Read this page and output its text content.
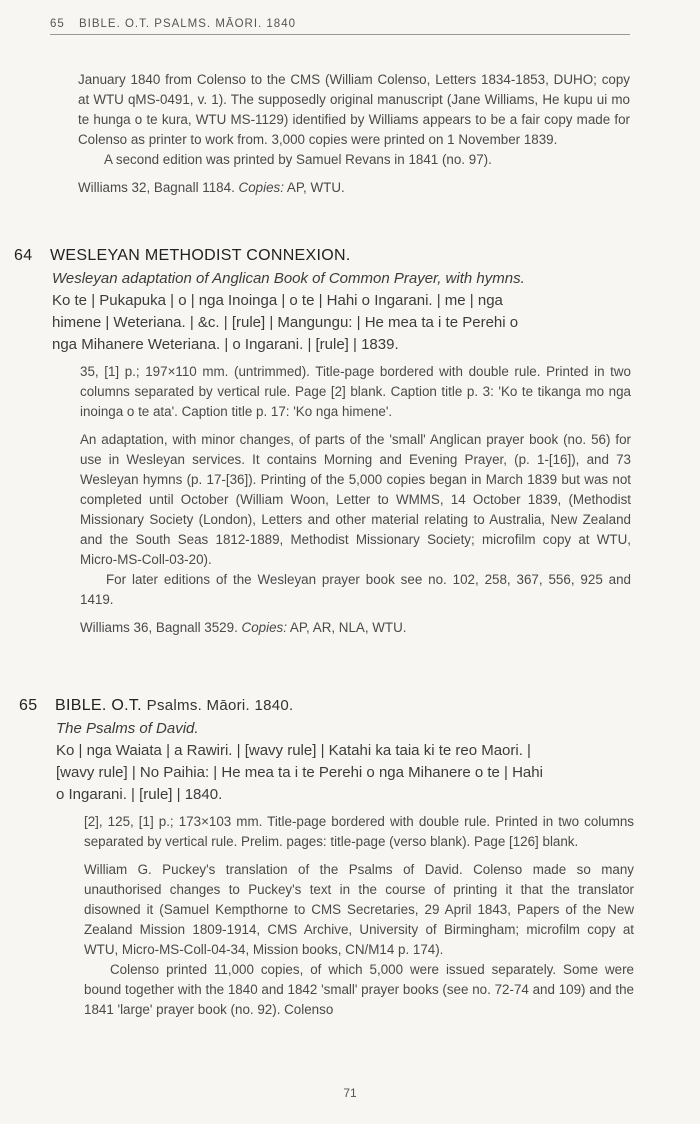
65 BIBLE. O.T. PSALMS. MĀORI. 1840

January 1840 from Colenso to the CMS (William Colenso, Letters 1834-1853, DUHO; copy at WTU qMS-0491, v. 1). The supposedly original manuscript (Jane Williams, He kupu ui mo te hunga o te kura, WTU MS-1129) identified by Williams appears to be a fair copy made for Colenso as printer to work from. 3,000 copies were printed on 1 November 1839.

A second edition was printed by Samuel Revans in 1841 (no. 97).

Williams 32, Bagnall 1184. Copies: AP, WTU.

64 WESLEYAN METHODIST CONNEXION.

Wesleyan adaptation of Anglican Book of Common Prayer, with hymns.

Ko te | Pukapuka | o | nga Inoinga | o te | Hahi o Ingarani. | me | nga

himene | Weteriana. | &c. | [rule] | Mangungu: | He mea ta i te Perehi o

nga Mihanere Weteriana. | o Ingarani. | [rule] | 1839.

35, [1] p.; 197×110 mm. (untrimmed). Title-page bordered with double rule. Printed in two columns separated by vertical rule. Page [2] blank. Caption title p. 3: 'Ko te tikanga mo nga inoinga o te ata'. Caption title p. 17: 'Ko nga himene'.

An adaptation, with minor changes, of parts of the 'small' Anglican prayer book (no. 56) for use in Wesleyan services. It contains Morning and Evening Prayer, (p. 1-[16]), and 73 Wesleyan hymns (p. 17-[36]). Printing of the 5,000 copies began in March 1839 but was not completed until October (William Woon, Letter to WMMS, 14 October 1839, (Methodist Missionary Society (London), Letters and other material relating to Australia, New Zealand and the South Seas 1812-1889, Methodist Missionary Society; microfilm copy at WTU, Micro-MS-Coll-03-20).

For later editions of the Wesleyan prayer book see no. 102, 258, 367, 556, 925 and 1419.

Williams 36, Bagnall 3529. Copies: AP, AR, NLA, WTU.

65 BIBLE. O.T. Psalms. Māori. 1840.

The Psalms of David.

Ko | nga Waiata | a Rawiri. | [wavy rule] | Katahi ka taia ki te reo Maori. |

[wavy rule] | No Paihia: | He mea ta i te Perehi o nga Mihanere o te | Hahi

o Ingarani. | [rule] | 1840.

[2], 125, [1] p.; 173×103 mm. Title-page bordered with double rule. Printed in two columns separated by vertical rule. Prelim. pages: title-page (verso blank). Page [126] blank.

William G. Puckey's translation of the Psalms of David. Colenso made so many unauthorised changes to Puckey's text in the course of printing it that the translator disowned it (Samuel Kempthorne to CMS Secretaries, 29 April 1843, Papers of the New Zealand Mission 1809-1914, CMS Archive, University of Birmingham; microfilm copy at WTU, Micro-MS-Coll-04-34, Mission books, CN/M14 p. 174).

Colenso printed 11,000 copies, of which 5,000 were issued separately. Some were bound together with the 1840 and 1842 'small' prayer books (see no. 72-74 and 109) and the 1841 'large' prayer book (no. 92). Colenso

71
